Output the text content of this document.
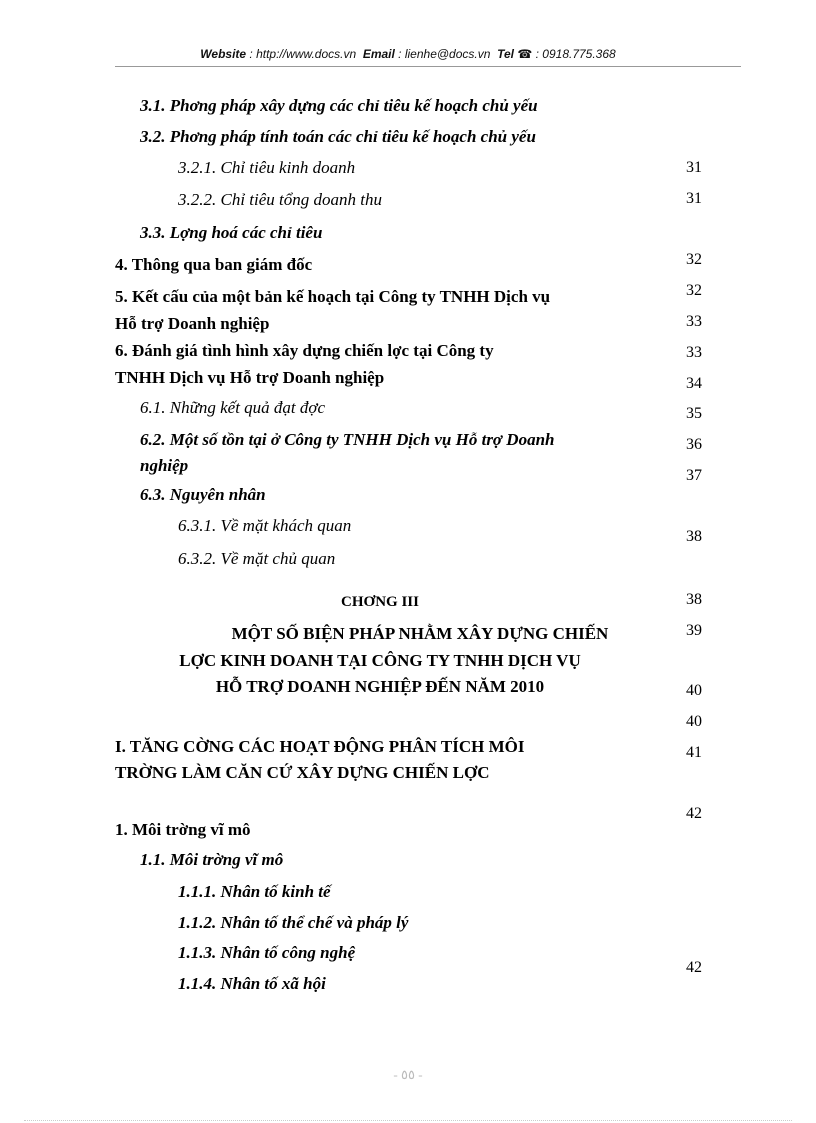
Website : http://www.docs.vn Email : lienhe@docs.vn Tel ☎ : 0918.775.368
3.1. Phơng pháp xây dựng các chỉ tiêu kế hoạch chủ yếu
3.2. Phơng pháp tính toán các chỉ tiêu kế hoạch chủ yếu
3.2.1. Chỉ tiêu kinh doanh
3.2.2. Chỉ tiêu tổng doanh thu
3.3. Lợng hoá các chỉ tiêu
4. Thông qua ban giám đốc
5. Kết cấu của một bản kế hoạch tại Công ty TNHH Dịch vụ
Hỗ trợ Doanh nghiệp
6. Đánh giá tình hình xây dựng chiến lợc tại Công ty
TNHH Dịch vụ Hỗ trợ Doanh nghiệp
6.1. Những kết quả đạt đợc
6.2. Một số tồn tại ở Công ty TNHH Dịch vụ Hỗ trợ Doanh
nghiệp
6.3. Nguyên nhân
6.3.1. Về mặt khách quan
6.3.2. Về mặt chủ quan
CHƠNG III
MỘT SỐ BIỆN PHÁP NHẰM XÂY DỰNG CHIẾN
LỢC KINH DOANH TẠI CÔNG TY TNHH DỊCH VỤ
HỖ TRỢ DOANH NGHIỆP ĐẾN NĂM 2010
I. TĂNG CỜNG CÁC HOẠT ĐỘNG PHÂN TÍCH MÔI
TRỜNG LÀM CĂN CỨ XÂY DỰNG CHIẾN LỢC
1. Môi trờng vĩ mô
1.1. Môi trờng vĩ mô
1.1.1. Nhân tố kinh tế
1.1.2. Nhân tố thể chế và pháp lý
1.1.3. Nhân tố công nghệ
1.1.4. Nhân tố xã hội
31
31
32
32
33
33
34
35
36
37
38
38
39
40
40
41
42
42
- ٥٥ -
